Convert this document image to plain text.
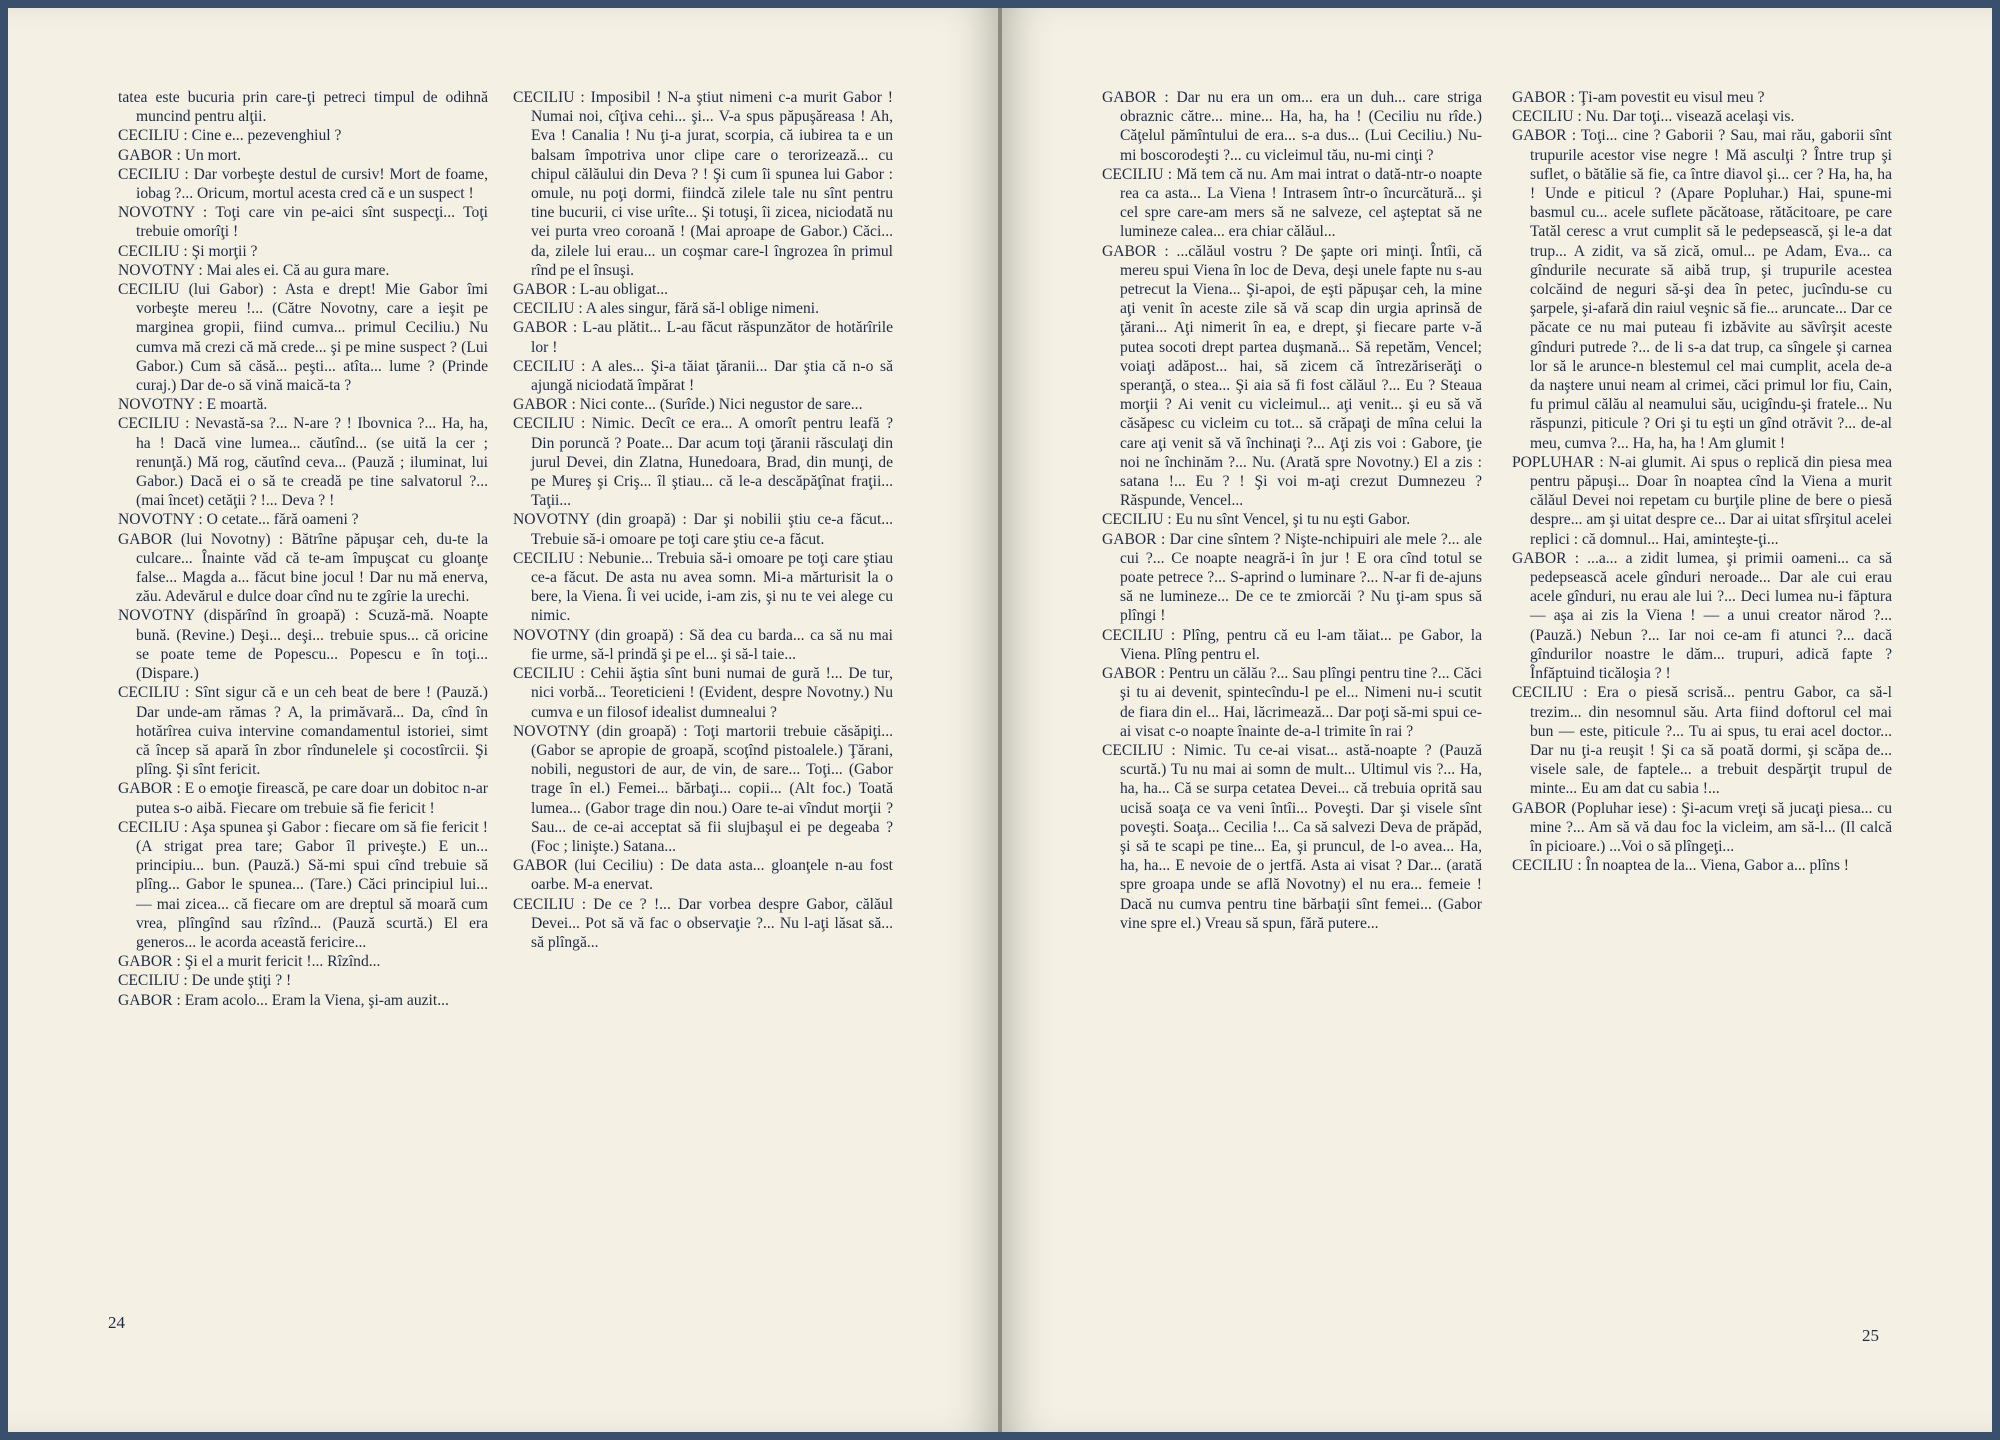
tatea este bucuria prin care-ţi petreci timpul de odihnă muncind pentru alţii.

CECILIU : Cine e... pezevenghiul ?

GABOR : Un mort.

CECILIU : Dar vorbeşte destul de cursiv! Mort de foame, iobag ?... Oricum, mortul acesta cred că e un suspect !

NOVOTNY : Toţi care vin pe-aici sînt suspecţi... Toţi trebuie omorîţi !

CECILIU : Şi morţii ?

NOVOTNY : Mai ales ei. Că au gura mare.

CECILIU (lui Gabor) : Asta e drept! Mie Gabor îmi vorbeşte mereu !... (Către Novotny, care a ieşit pe marginea gropii, fiind cumva... primul Ceciliu.) Nu cumva mă crezi că mă crede... şi pe mine suspect ? (Lui Gabor.) Cum să căsă... peşti... atîta... lume ? (Prinde curaj.) Dar de-o să vină maică-ta ?

NOVOTNY : E moartă.

CECILIU : Nevastă-sa ?... N-are ? ! Ibovnica ?... Ha, ha, ha ! Dacă vine lumea... căutînd... (se uită la cer ; renunţă.) Mă rog, căutînd ceva... (Pauză ; iluminat, lui Gabor.) Dacă ei o să te creadă pe tine salvatorul ?... (mai încet) cetăţii ? !... Deva ? !

NOVOTNY : O cetate... fără oameni ?

GABOR (lui Novotny) : Bătrîne păpuşar ceh, du-te la culcare... Înainte văd că te-am împuşcat cu gloanţe false... Magda a... făcut bine jocul ! Dar nu mă enerva, zău. Adevărul e dulce doar cînd nu te zgîrie la urechi.

NOVOTNY (dispărînd în groapă) : Scuză-mă. Noapte bună. (Revine.) Deşi... deşi... trebuie spus... că oricine se poate teme de Popescu... Popescu e în toţi... (Dispare.)

CECILIU : Sînt sigur că e un ceh beat de bere ! (Pauză.) Dar unde-am rămas ? A, la primăvară... Da, cînd în hotărîrea cuiva intervine comandamentul istoriei, simt că încep să apară în zbor rîndunelele şi cocostîrcii. Şi plîng. Şi sînt fericit.

GABOR : E o emoţie firească, pe care doar un dobitoc n-ar putea s-o aibă. Fiecare om trebuie să fie fericit !

CECILIU : Aşa spunea şi Gabor : fiecare om să fie fericit ! (A strigat prea tare; Gabor îl priveşte.) E un... principiu... bun. (Pauză.) Să-mi spui cînd trebuie să plîng... Gabor le spunea... (Tare.) Căci principiul lui... — mai zicea... că fiecare om are dreptul să moară cum vrea, plîngînd sau rîzînd... (Pauză scurtă.) El era generos... le acorda această fericire...

GABOR : Şi el a murit fericit !... Rîzînd...

CECILIU : De unde ştiţi ? !

GABOR : Eram acolo... Eram la Viena, şi-am auzit...

CECILIU : Imposibil ! N-a ştiut nimeni c-a murit Gabor ! Numai noi, cîţiva cehi... şi... V-a spus păpuşăreasa ! Ah, Eva ! Canalia ! Nu ţi-a jurat, scorpia, că iubirea ta e un balsam împotriva unor clipe care o terorizează... cu chipul călăului din Deva ? ! Şi cum îi spunea lui Gabor : omule, nu poţi dormi, fiindcă zilele tale nu sînt pentru tine bucurii, ci vise urîte... Şi totuşi, îi zicea, niciodată nu vei purta vreo coroană ! (Mai aproape de Gabor.) Căci... da, zilele lui erau... un coşmar care-l îngrozea în primul rînd pe el însuşi.

GABOR : L-au obligat...

CECILIU : A ales singur, fără să-l oblige nimeni.

GABOR : L-au plătit... L-au făcut răspunzător de hotărîrile lor !

CECILIU : A ales... Şi-a tăiat ţăranii... Dar ştia că n-o să ajungă niciodată împărat !

GABOR : Nici conte... (Surîde.) Nici negustor de sare...

CECILIU : Nimic. Decît ce era... A omorît pentru leafă ? Din poruncă ? Poate... Dar acum toţi ţăranii răsculaţi din jurul Devei, din Zlatna, Hunedoara, Brad, din munţi, de pe Mureş şi Criş... îl ştiau... că le-a descăpăţînat fraţii... Taţii...

NOVOTNY (din groapă) : Dar şi nobilii ştiu ce-a făcut... Trebuie să-i omoare pe toţi care ştiu ce-a făcut.

CECILIU : Nebunie... Trebuia să-i omoare pe toţi care ştiau ce-a făcut. De asta nu avea somn. Mi-a mărturisit la o bere, la Viena. Îi vei ucide, i-am zis, şi nu te vei alege cu nimic.

NOVOTNY (din groapă) : Să dea cu barda... ca să nu mai fie urme, să-l prindă şi pe el... şi să-l taie...

CECILIU : Cehii ăştia sînt buni numai de gură !... De tur, nici vorbă... Teoreticieni ! (Evident, despre Novotny.) Nu cumva e un filosof idealist dumnealui ?

NOVOTNY (din groapă) : Toţi martorii trebuie căsăpiţi... (Gabor se apropie de groapă, scoţînd pistoalele.) Ţărani, nobili, negustori de aur, de vin, de sare... Toţi... (Gabor trage în el.) Femei... bărbaţi... copii... (Alt foc.) Toată lumea... (Gabor trage din nou.) Oare te-ai vîndut morţii ? Sau... de ce-ai acceptat să fii slujbaşul ei pe degeaba ? (Foc ; linişte.) Satana...

GABOR (lui Ceciliu) : De data asta... gloanţele n-au fost oarbe. M-a enervat.

CECILIU : De ce ? !... Dar vorbea despre Gabor, călăul Devei... Pot să vă fac o observaţie ?... Nu l-aţi lăsat să... să plîngă...

24

GABOR : Dar nu era un om... era un duh... care striga obraznic către... mine... Ha, ha, ha ! (Ceciliu nu rîde.) Căţelul pămîntului de era... s-a dus... (Lui Ceciliu.) Nu-mi boscorodeşti ?... cu vicleimul tău, nu-mi cinţi ?

CECILIU : Mă tem că nu. Am mai intrat o dată-ntr-o noapte rea ca asta... La Viena ! Intrasem într-o încurcătură... şi cel spre care-am mers să ne salveze, cel aşteptat să ne lumineze calea... era chiar călăul...

GABOR : ...călăul vostru ? De şapte ori minţi. Întîi, că mereu spui Viena în loc de Deva, deşi unele fapte nu s-au petrecut la Viena... Şi-apoi, de eşti păpuşar ceh, la mine aţi venit în aceste zile să vă scap din urgia aprinsă de ţărani... Aţi nimerit în ea, e drept, şi fiecare parte v-ă putea socoti drept partea duşmană... Să repetăm, Vencel; voiaţi adăpost... hai, să zicem că întrezăriserăţi o speranţă, o stea... Şi aia să fi fost călăul ?... Eu ? Steaua morţii ? Ai venit cu vicleimul... aţi venit... şi eu să vă căsăpesc cu vicleim cu tot... să crăpaţi de mîna celui la care aţi venit să vă închinaţi ?... Aţi zis voi : Gabore, ţie noi ne închinăm ?... Nu. (Arată spre Novotny.) El a zis : satana !... Eu ? ! Şi voi m-aţi crezut Dumnezeu ? Răspunde, Vencel...

CECILIU : Eu nu sînt Vencel, şi tu nu eşti Gabor.

GABOR : Dar cine sîntem ? Nişte-nchipuiri ale mele ?... ale cui ?... Ce noapte neagră-i în jur ! E ora cînd totul se poate petrece ?... S-aprind o luminare ?... N-ar fi de-ajuns să ne lumineze... De ce te zmiorcăi ? Nu ţi-am spus să plîngi !

CECILIU : Plîng, pentru că eu l-am tăiat... pe Gabor, la Viena. Plîng pentru el.

GABOR : Pentru un călău ?... Sau plîngi pentru tine ?... Căci şi tu ai devenit, spintecîndu-l pe el... Nimeni nu-i scutit de fiara din el... Hai, lăcrimează... Dar poţi să-mi spui ce-ai visat c-o noapte înainte de-a-l trimite în rai ?

CECILIU : Nimic. Tu ce-ai visat... astă-noapte ? (Pauză scurtă.) Tu nu mai ai somn de mult... Ultimul vis ?... Ha, ha, ha... Că se surpa cetatea Devei... că trebuia oprită sau ucisă soaţa ce va veni întîi... Poveşti. Dar şi visele sînt poveşti. Soaţa... Cecilia !... Ca să salvezi Deva de prăpăd, şi să te scapi pe tine... Ea, şi pruncul, de l-o avea... Ha, ha, ha... E nevoie de o jertfă. Asta ai visat ? Dar... (arată spre groapa unde se află Novotny) el nu era... femeie ! Dacă nu cumva pentru tine bărbaţii sînt femei... (Gabor vine spre el.) Vreau să spun, fără putere...

GABOR : Ţi-am povestit eu visul meu ?

CECILIU : Nu. Dar toţi... visează acelaşi vis.

GABOR : Toţi... cine ? Gaborii ? Sau, mai rău, gaborii sînt trupurile acestor vise negre ! Mă asculţi ? Între trup şi suflet, o bătălie să fie, ca între diavol şi... cer ? Ha, ha, ha ! Unde e piticul ? (Apare Popluhar.) Hai, spune-mi basmul cu... acele suflete păcătoase, rătăcitoare, pe care Tatăl ceresc a vrut cumplit să le pedepsească, şi le-a dat trup... A zidit, va să zică, omul... pe Adam, Eva... ca gîndurile necurate să aibă trup, şi trupurile acestea colcăind de neguri să-şi dea în petec, jucîndu-se cu şarpele, şi-afară din raiul veşnic să fie... aruncate... Dar ce păcate ce nu mai puteau fi izbăvite au săvîrşit aceste gînduri putrede ?... de li s-a dat trup, ca sîngele şi carnea lor să le arunce-n blestemul cel mai cumplit, acela de-a da naştere unui neam al crimei, căci primul lor fiu, Cain, fu primul călău al neamului său, ucigîndu-şi fratele... Nu răspunzi, piticule ? Ori şi tu eşti un gînd otrăvit ?... de-al meu, cumva ?... Ha, ha, ha ! Am glumit !

POPLUHAR : N-ai glumit. Ai spus o replică din piesa mea pentru păpuşi... Doar în noaptea cînd la Viena a murit călăul Devei noi repetam cu burţile pline de bere o piesă despre... am şi uitat despre ce... Dar ai uitat sfîrşitul acelei replici : că domnul... Hai, aminteşte-ţi...

GABOR : ...a... a zidit lumea, şi primii oameni... ca să pedepsească acele gînduri neroade... Dar ale cui erau acele gînduri, nu erau ale lui ?... Deci lumea nu-i făptura — aşa ai zis la Viena ! — a unui creator nărod ?... (Pauză.) Nebun ?... Iar noi ce-am fi atunci ?... dacă gîndurilor noastre le dăm... trupuri, adică fapte ? Înfăptuind ticăloşia ? !

CECILIU : Era o piesă scrisă... pentru Gabor, ca să-l trezim... din nesomnul său. Arta fiind doftorul cel mai bun — este, piticule ?... Tu ai spus, tu erai acel doctor... Dar nu ţi-a reuşit ! Şi ca să poată dormi, şi scăpa de... visele sale, de faptele... a trebuit despărţit trupul de minte... Eu am dat cu sabia !...

GABOR (Popluhar iese) : Şi-acum vreţi să jucaţi piesa... cu mine ?... Am să vă dau foc la vicleim, am să-l... (Il calcă în picioare.) ...Voi o să plîngeţi...

CECILIU : În noaptea de la... Viena, Gabor a... plîns !

25
